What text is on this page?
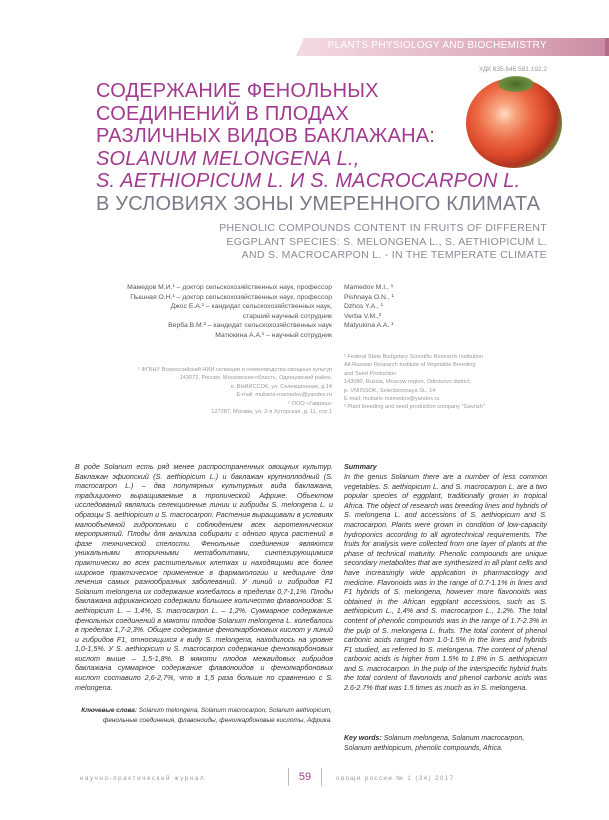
PLANTS PHYSIOLOGY AND BIOCHEMISTRY
УДК 635.646:581.192.2
СОДЕРЖАНИЕ ФЕНОЛЬНЫХ
СОЕДИНЕНИЙ В ПЛОДАХ
РАЗЛИЧНЫХ ВИДОВ БАКЛАЖАНА:
SOLANUM MELONGENA L.,
S. AETHIOPICUM L. И S. MACROCARPON L.
В УСЛОВИЯХ ЗОНЫ УМЕРЕННОГО КЛИМАТА
PHENOLIC COMPOUNDS CONTENT IN FRUITS OF DIFFERENT
EGGPLANT SPECIES: S. MELONGENA L., S. AETHIOPICUM L.
AND S. MACROCARPON L. - IN THE TEMPERATE CLIMATE
Мамедов М.И.¹ – доктор сельскохозяйственных наук, профессор
Пышная О.Н.¹ – доктор сельскохозяйственных наук, профессор
Джос Е.А.¹ – кандидат сельскохозяйственных наук,
старший научный сотрудник
Верба В.М.² – кандидат сельскохозяйственных наук
Матюкина А.А.¹ – научный сотрудник
Mamedov M.I., ¹
Pishnaya O.N., ¹
Dzhos Y.A., ¹
Verba V.M.,²
Matyukina A.A. ¹
¹ ФГБНУ Всероссийский НИИ селекции и семеноводства овощных культур
143072, Россия, Московская область, Одинцовский район,
п. ВНИИССОК, ул. Селекционная, д.14
E-mail: mubaris-mamedov@yandex.ru
² ООО «Гавриш»
127287, Москва, ул. 2-я Хуторская, д. 11, стр.1
¹ Federal State Budgetary Scientific Research Institution
All-Russian Research Institute of Vegetable Breeding
and Seed Production
143080, Russia, Moscow region, Odintsovo district,
p. VNIISSOK, Selectsionnaya St., 14
E-mail: mubaris-mamedov@yandex.ru
² Plant breeding and seed production company "Gavrish"
В роде Solanum есть ряд менее распространенных овощных культур. Баклажан эфиопский (S. aethiopicum L.) и баклажан крупноплодный (S. macrocarpon L.) – два популярных культурных вида баклажана, традиционно выращиваемые в тропической Африке. Объектом исследований являлись селекционные линии и гибриды S. melongena L. и образцы S. aethiopicum и S. macrocarpon. Растения выращивали в условиях малообъемной гидропоники с соблюдением всех агротехнических мероприятий. Плоды для анализа собирали с одного яруса растений в фазе технической спелости. Фенольные соединения являются уникальными вторичными метаболитами, синтезирующимися практически во всех растительных клетках и находящими все более широкое практическое применение в фармакологии и медицине для лечения самых разнообразных заболеваний. У линий и гибридов F1 Solanum melongena их содержание колебалось в пределах 0,7-1,1%. Плоды баклажана африканского содержали большее количество флавоноидов: S. aethiopicum L. – 1,4%, S. macrocarpon L. – 1,2%. Суммарное содержание фенольных соединений в мякоти плодов Solanum melongena L. колебалось в пределах 1,7-2,3%. Общее содержание фенолкарбоновых кислот у линий и гибридов F1, относящихся к виду S. melongena, находилось на уровне 1,0-1,5%. У S. aethiopicum и S. macrocarpon содержание фенолкарбоновых кислот выше – 1,5-1,8%. В мякоти плодов межвидовых гибридов баклажана суммарное содержание флавоноидов и фенолкарбоновых кислот составило 2,6-2,7%, что в 1,5 раза больше по сравнению с S. melongena.
Summary
In the genus Solanum there are a number of less common vegetables. S. aethiopicum L. and S. macrocarpon L. are a two popular species of eggplant, traditionally grown in tropical Africa. The object of research was breeding lines and hybrids of S. melongena L. and accessions of S. aethiopicum and S. macrocarpon. Plants were grown in condition of low-capacity hydroponics according to all agrotechnical requirements. The fruits for analysis were collected from one layer of plants at the phase of technical maturity. Phenolic compounds are unique secondary metabolites that are synthesized in all plant cells and have increasingly wide application in pharmacology and medicine. Flavonoids was in the range of 0.7-1.1% in lines and F1 hybrids of S. melongena, however more flavonoids was obtained in the African eggplant accessions, such as S. aethiopicum L., 1,4% and S. macrocarpon L., 1.2%. The total content of phenolic compounds was in the range of 1.7-2.3% in the pulp of S. melongena L. fruits. The total content of phenol carbonic acids ranged from 1.0-1.5% in the lines and hybrids F1 studied, as referred to S. melongena. The content of phenol carbonic acids is higher from 1.5% to 1.8% in S. aethiopicum and S. macrocarpon. In the pulp of the interspecific hybrid fruits the total content of flavonoids and phenol carbonic acids was 2.6-2.7% that was 1.5 times as much as in S. melongena.
Ключевые слова: Solanum melongena, Solanum macrocarpon, Solanum aethiopicum, фенольные соединения, флавоноиды, фенолкарбоновые кислоты, Африка.
Key words: Solanum melongena, Solanum macrocarpon, Solanum aethiopicum, phenolic compounds, Africa.
научно-практический журнал	59	овощи россии № 1 (34) 2017
